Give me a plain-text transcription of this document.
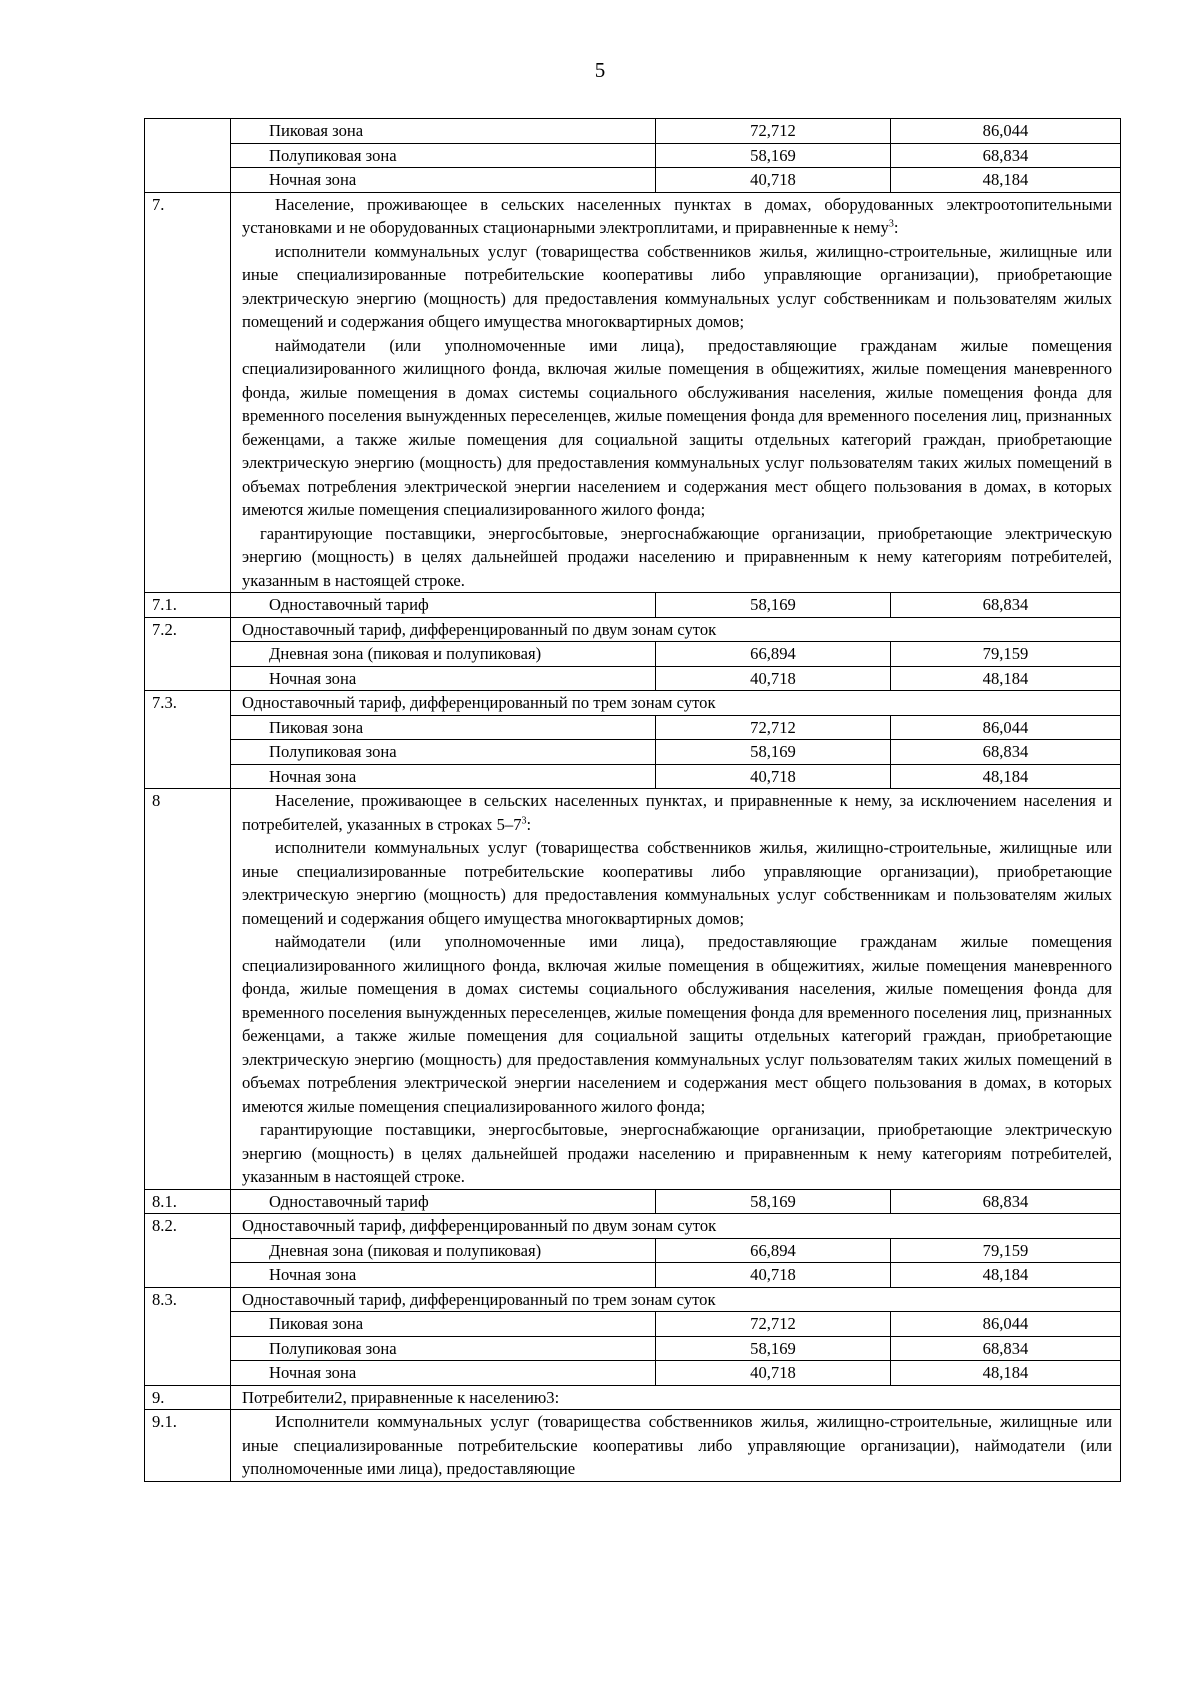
5
	Пиковая зона	72,712	86,044
	Полупиковая зона	58,169	68,834
	Ночная зона	40,718	48,184
7.	Население, проживающее в сельских населенных пунктах в домах, оборудованных электроотопительными установками и не оборудованных стационарными электроплитами, и приравненные к нему$^3$:

исполнители коммунальных услуг (товарищества собственников жилья, жилищно-строительные, жилищные или иные специализированные потребительские кооперативы либо управляющие организации), приобретающие электрическую энергию (мощность) для предоставления коммунальных услуг собственникам и пользователям жилых помещений и содержания общего имущества многоквартирных домов;

наймодатели (или уполномоченные ими лица), предоставляющие гражданам жилые помещения специализированного жилищного фонда, включая жилые помещения в общежитиях, жилые помещения маневренного фонда, жилые помещения в домах системы социального обслуживания населения, жилые помещения фонда для временного поселения вынужденных переселенцев, жилые помещения фонда для временного поселения лиц, признанных беженцами, а также жилые помещения для социальной защиты отдельных категорий граждан, приобретающие электрическую энергию (мощность) для предоставления коммунальных услуг пользователям таких жилых помещений в объемах потребления электрической энергии населением и содержания мест общего пользования в домах, в которых имеются жилые помещения специализированного жилого фонда;

гарантирующие поставщики, энергосбытовые, энергоснабжающие организации, приобретающие электрическую энергию (мощность) в целях дальнейшей продажи населению и приравненным к нему категориям потребителей, указанным в настоящей строке.		

7.1.	Одноставочный тариф	58,169	68,834
7.2.	Одноставочный тариф, дифференцированный по двум зонам суток		
	Дневная зона (пиковая и полупиковая)	66,894	79,159
	Ночная зона	40,718	48,184
7.3.	Одноставочный тариф, дифференцированный по трем зонам суток		
	Пиковая зона	72,712	86,044
	Полупиковая зона	58,169	68,834
	Ночная зона	40,718	48,184
8	Население, проживающее в сельских населенных пунктах, и приравненные к нему, за исключением населения и потребителей, указанных в строках $5-7^3$:

исполнители коммунальных услуг (товарищества собственников жилья, жилищно-строительные, жилищные или иные специализированные потребительские кооперативы либо управляющие организации), приобретающие электрическую энергию (мощность) для предоставления коммунальных услуг собственникам и пользователям жилых помещений и содержания общего имущества многоквартирных домов;

наймодатели (или уполномоченные ими лица), предоставляющие гражданам жилые помещения специализированного жилищного фонда, включая жилые помещения в общежитиях, жилые помещения маневренного фонда, жилые помещения в домах системы социального обслуживания населения, жилые помещения фонда для временного поселения вынужденных переселенцев, жилые помещения фонда для временного поселения лиц, признанных беженцами, а также жилые помещения для социальной защиты отдельных категорий граждан, приобретающие электрическую энергию (мощность) для предоставления коммунальных услуг пользователям таких жилых помещений в объемах потребления электрической энергии населением и содержания мест общего пользования в домах, в которых имеются жилые помещения специализированного жилого фонда;

гарантирующие поставщики, энергосбытовые, энергоснабжающие организации, приобретающие электрическую энергию (мощность) в целях дальнейшей продажи населению и приравненным к нему категориям потребителей, указанным в настоящей строке.		

8.1.	Одноставочный тариф	58,169	68,834
8.2.	Одноставочный тариф, дифференцированный по двум зонам суток		
	Дневная зона (пиковая и полупиковая)	66,894	79,159
	Ночная зона	40,718	48,184
8.3.	Одноставочный тариф, дифференцированный по трем зонам суток		
	Пиковая зона	72,712	86,044
	Полупиковая зона	58,169	68,834
	Ночная зона	40,718	48,184
9.	Потребители2, приравненные к населению3:		
9.1.	Исполнители коммунальных услуг (товарищества собственников жилья, жилищно-строительные, жилищные или иные специализированные потребительские кооперативы либо управляющие организации), наймодатели (или уполномоченные ими лица), предоставляющие		
